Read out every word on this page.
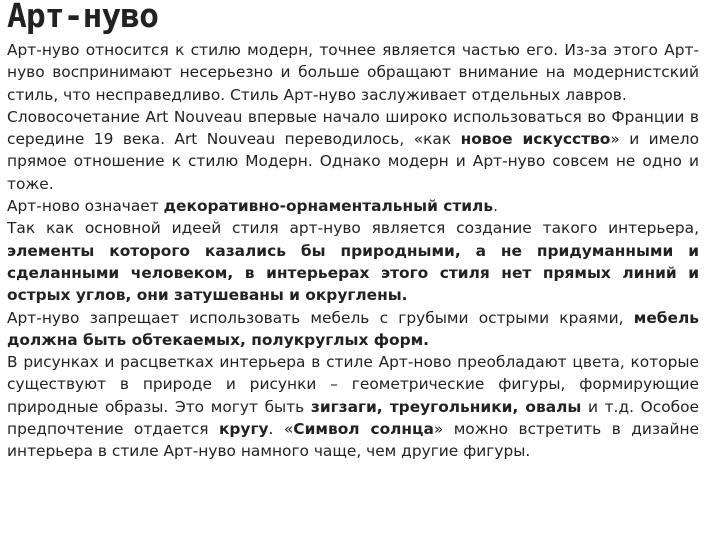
Арт-нуво

Арт-нуво относится к стилю модерн, точнее является частью его. Из-за этого Арт-нуво воспринимают несерьезно и больше обращают внимание на модернистский стиль, что несправедливо. Стиль Арт-нуво заслуживает отдельных лавров.

Словосочетание Art Nouveau впервые начало широко использоваться во Франции в середине 19 века. Art Nouveau переводилось, «как новое искусство» и имело прямое отношение к стилю Модерн. Однако модерн и Арт-нуво совсем не одно и тоже.

Арт-ново означает декоративно-орнаментальный стиль.

Так как основной идеей стиля арт-нуво является создание такого интерьера, элементы которого казались бы природными, а не придуманными и сделанными человеком, в интерьерах этого стиля нет прямых линий и острых углов, они затушеваны и округлены.

Арт-нуво запрещает использовать мебель с грубыми острыми краями, мебель должна быть обтекаемых, полукруглых форм.

В рисунках и расцветках интерьера в стиле Арт-ново преобладают цвета, которые существуют в природе и рисунки – геометрические фигуры, формирующие природные образы. Это могут быть зигзаги, треугольники, овалы и т.д. Особое предпочтение отдается кругу. «Символ солнца» можно встретить в дизайне интерьера в стиле Арт-нуво намного чаще, чем другие фигуры.
